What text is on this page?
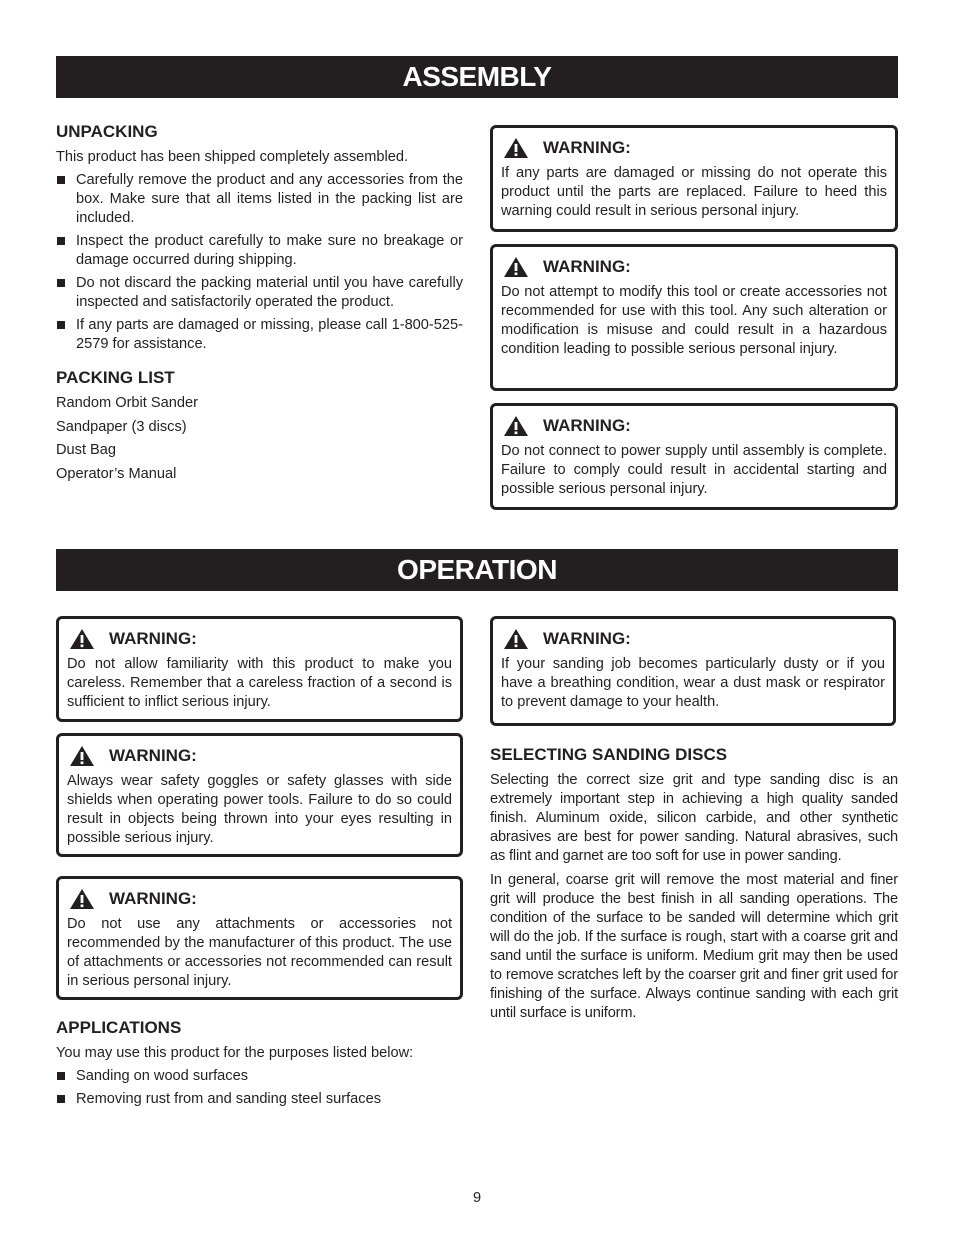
ASSEMBLY
UNPACKING

This product has been shipped completely assembled.

Carefully remove the product and any accessories from the box. Make sure that all items listed in the packing list are included.
Inspect the product carefully to make sure no breakage or damage occurred during shipping.
Do not discard the packing material until you have carefully inspected and satisfactorily operated the product.
If any parts are damaged or missing, please call 1-800-525-2579 for assistance.
PACKING LIST
Random Orbit Sander
Sandpaper (3 discs)
Dust Bag
Operator’s Manual
WARNING:
If any parts are damaged or missing do not operate this product until the parts are replaced. Failure to heed this warning could result in serious personal injury.
WARNING:
Do not attempt to modify this tool or create accessories not recommended for use with this tool. Any such alteration or modification is misuse and could result in a hazardous condition leading to possible serious personal injury.
WARNING:
Do not connect to power supply until assembly is complete. Failure to comply could result in accidental starting and possible serious personal injury.
OPERATION
WARNING:
Do not allow familiarity with this product to make you careless. Remember that a careless fraction of a second is sufficient to inflict serious injury.
WARNING:
Always wear safety goggles or safety glasses with side shields when operating power tools. Failure to do so could result in objects being thrown into your eyes resulting in possible serious injury.
WARNING:
Do not use any attachments or accessories not recommended by the manufacturer of this product. The use of attachments or accessories not recommended can result in serious personal injury.
APPLICATIONS

You may use this product for the purposes listed below:

Sanding on wood surfaces
Removing rust from and sanding steel surfaces
WARNING:
If your sanding job becomes particularly dusty or if you have a breathing condition, wear a dust mask or respirator to prevent damage to your health.
SELECTING SANDING DISCS

Selecting the correct size grit and type sanding disc is an extremely important step in achieving a high quality sanded finish. Aluminum oxide, silicon carbide, and other synthetic abrasives are best for power sanding. Natural abrasives, such as flint and garnet are too soft for use in power sanding.

In general, coarse grit will remove the most material and finer grit will produce the best finish in all sanding operations. The condition of the surface to be sanded will determine which grit will do the job. If the surface is rough, start with a coarse grit and sand until the surface is uniform. Medium grit may then be used to remove scratches left by the coarser grit and finer grit used for finishing of the surface. Always continue sanding with each grit until surface is uniform.

9
